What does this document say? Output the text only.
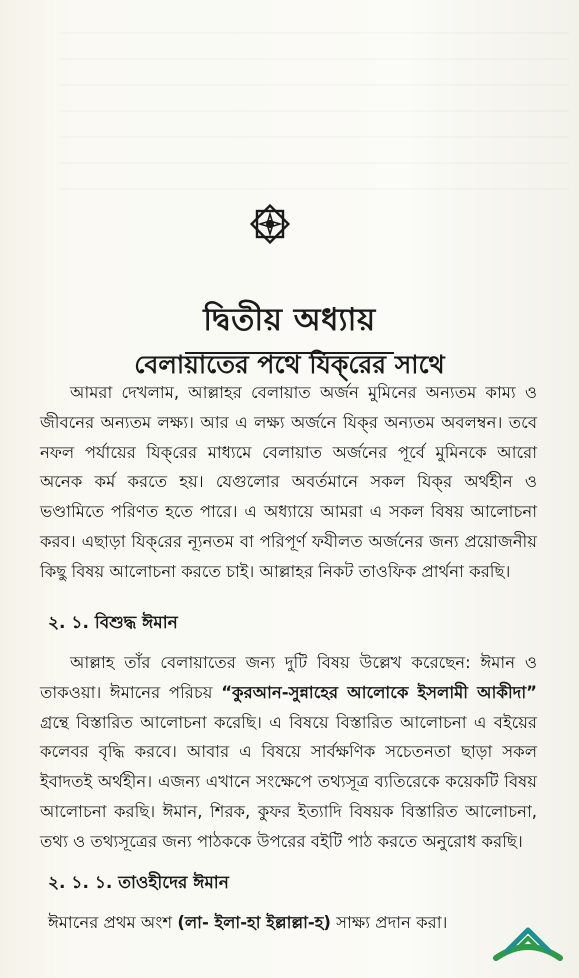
দ্বিতীয় অধ্যায়
বেলায়াতের পথে যিক্‌রের সাথে
আমরা দেখলাম, আল্লাহর বেলায়াত অর্জন মুমিনের অন্যতম কাম্য ও জীবনের অন্যতম লক্ষ্য। আর এ লক্ষ্য অর্জনে যিক্‌র অন্যতম অবলম্বন। তবে নফল পর্যায়ের যিক্‌রের মাধ্যমে বেলায়াত অর্জনের পূর্বে মুমিনকে আরো অনেক কর্ম করতে হয়। যেগুলোর অবর্তমানে সকল যিক্‌র অর্থহীন ও ভণ্ডামিতে পরিণত হতে পারে। এ অধ্যায়ে আমরা এ সকল বিষয় আলোচনা করব। এছাড়া যিক্‌রের ন্যূনতম বা পরিপূর্ণ ফযীলত অর্জনের জন্য প্রয়োজনীয় কিছু বিষয় আলোচনা করতে চাই। আল্লাহর নিকট তাওফিক প্রার্থনা করছি।
২. ১. বিশুদ্ধ ঈমান
আল্লাহ তাঁর বেলায়াতের জন্য দুটি বিষয় উল্লেখ করেছেন: ঈমান ও তাকওয়া। ঈমানের পরিচয় “কুরআন-সুন্নাহের আলোকে ইসলামী আকীদা” গ্রন্থে বিস্তারিত আলোচনা করেছি। এ বিষয়ে বিস্তারিত আলোচনা এ বইয়ের কলেবর বৃদ্ধি করবে। আবার এ বিষয়ে সার্বক্ষণিক সচেতনতা ছাড়া সকল ইবাদতই অর্থহীন। এজন্য এখানে সংক্ষেপে তথ্যসূত্র ব্যতিরেকে কয়েকটি বিষয় আলোচনা করছি। ঈমান, শিরক, কুফর ইত্যাদি বিষয়ক বিস্তারিত আলোচনা, তথ্য ও তথ্যসূত্রের জন্য পাঠককে উপরের বইটি পাঠ করতে অনুরোধ করছি।
২. ১. ১. তাওহীদের ঈমান
ঈমানের প্রথম অংশ (লা- ইলা-হা ইল্লাল্লা-হ) সাক্ষ্য প্রদান করা।
